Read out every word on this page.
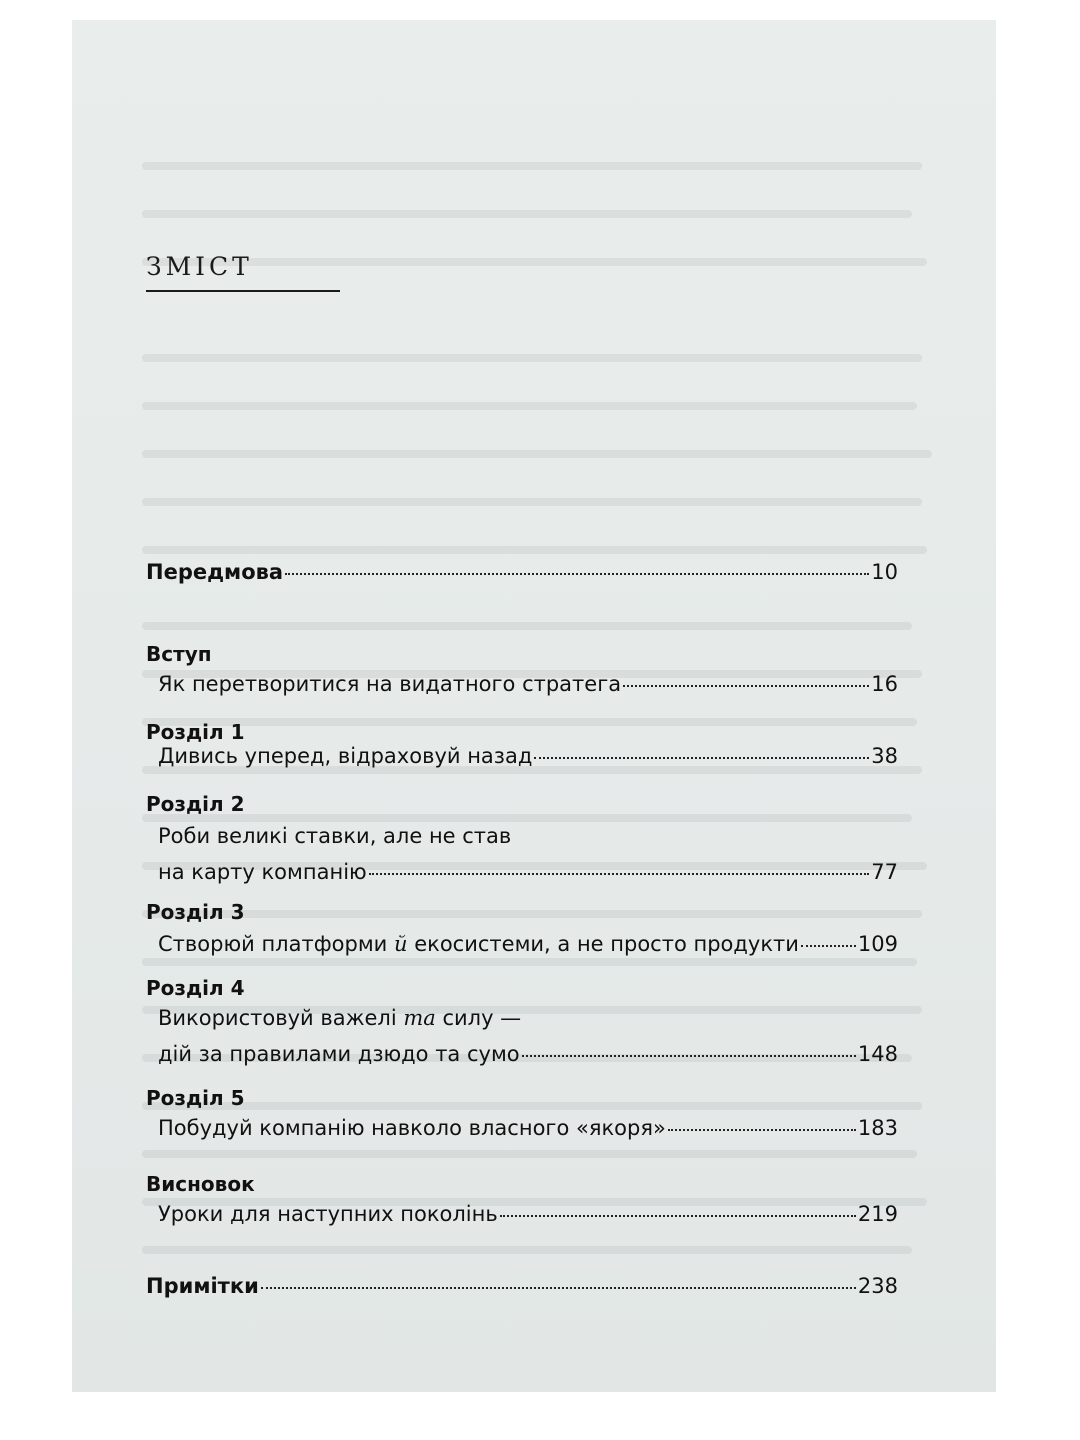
ЗМІСТ
Передмова	10
Вступ
Як перетворитися на видатного стратега	16
Розділ 1
Дивись уперед, відраховуй назад	38
Розділ 2
Роби великі ставки, але не став
на карту компанію	77
Розділ 3
Створюй платформи й екосистеми, а не просто продукти	109
Розділ 4
Використовуй важелі та силу —
дій за правилами дзюдо та сумо	148
Розділ 5
Побудуй компанію навколо власного «якоря»	183
Висновок
Уроки для наступних поколінь	219
Примітки	238
